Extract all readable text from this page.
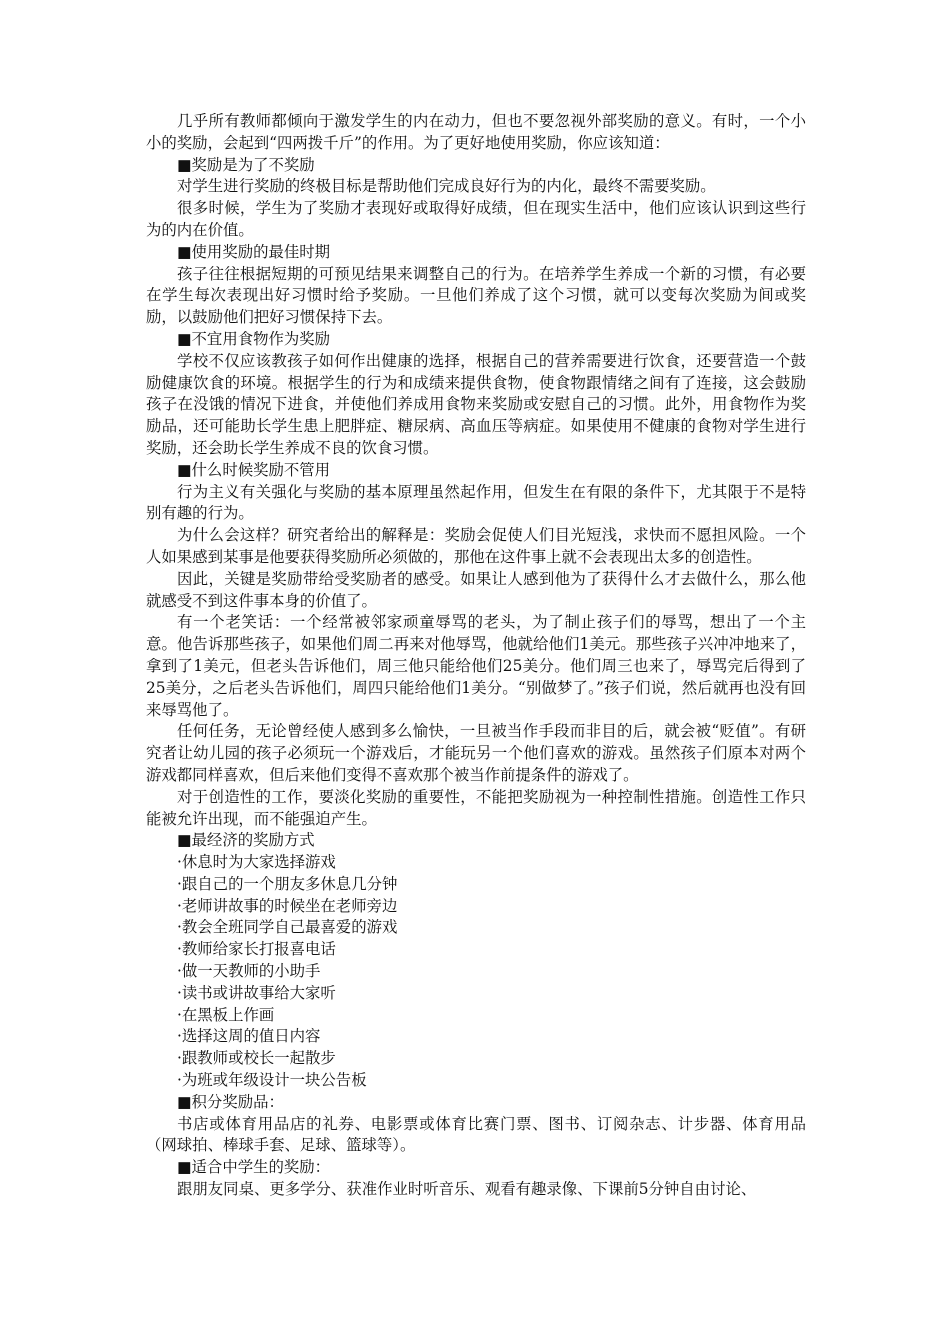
几乎所有教师都倾向于激发学生的内在动力，但也不要忽视外部奖励的意义。有时，一个小小的奖励，会起到“四两拨千斤”的作用。为了更好地使用奖励，你应该知道：

■奖励是为了不奖励

对学生进行奖励的终极目标是帮助他们完成良好行为的内化，最终不需要奖励。

很多时候，学生为了奖励才表现好或取得好成绩，但在现实生活中，他们应该认识到这些行为的内在价值。

■使用奖励的最佳时期

孩子往往根据短期的可预见结果来调整自己的行为。在培养学生养成一个新的习惯，有必要在学生每次表现出好习惯时给予奖励。一旦他们养成了这个习惯，就可以变每次奖励为间或奖励，以鼓励他们把好习惯保持下去。

■不宜用食物作为奖励

学校不仅应该教孩子如何作出健康的选择，根据自己的营养需要进行饮食，还要营造一个鼓励健康饮食的环境。根据学生的行为和成绩来提供食物，使食物跟情绪之间有了连接，这会鼓励孩子在没饿的情况下进食，并使他们养成用食物来奖励或安慰自己的习惯。此外，用食物作为奖励品，还可能助长学生患上肥胖症、糖尿病、高血压等病症。如果使用不健康的食物对学生进行奖励，还会助长学生养成不良的饮食习惯。

■什么时候奖励不管用

行为主义有关强化与奖励的基本原理虽然起作用，但发生在有限的条件下，尤其限于不是特别有趣的行为。

为什么会这样？研究者给出的解释是：奖励会促使人们目光短浅，求快而不愿担风险。一个人如果感到某事是他要获得奖励所必须做的，那他在这件事上就不会表现出太多的创造性。

因此，关键是奖励带给受奖励者的感受。如果让人感到他为了获得什么才去做什么，那么他就感受不到这件事本身的价值了。

有一个老笑话：一个经常被邻家顽童辱骂的老头，为了制止孩子们的辱骂，想出了一个主意。他告诉那些孩子，如果他们周二再来对他辱骂，他就给他们1美元。那些孩子兴冲冲地来了，拿到了1美元，但老头告诉他们，周三他只能给他们25美分。他们周三也来了，辱骂完后得到了25美分，之后老头告诉他们，周四只能给他们1美分。“别做梦了。”孩子们说，然后就再也没有回来辱骂他了。

任何任务，无论曾经使人感到多么愉快，一旦被当作手段而非目的后，就会被“贬值”。有研究者让幼儿园的孩子必须玩一个游戏后，才能玩另一个他们喜欢的游戏。虽然孩子们原本对两个游戏都同样喜欢，但后来他们变得不喜欢那个被当作前提条件的游戏了。

对于创造性的工作，要淡化奖励的重要性，不能把奖励视为一种控制性措施。创造性工作只能被允许出现，而不能强迫产生。

■最经济的奖励方式

·休息时为大家选择游戏

·跟自己的一个朋友多休息几分钟

·老师讲故事的时候坐在老师旁边

·教会全班同学自己最喜爱的游戏

·教师给家长打报喜电话

·做一天教师的小助手

·读书或讲故事给大家听

·在黑板上作画

·选择这周的值日内容

·跟教师或校长一起散步

·为班或年级设计一块公告板

■积分奖励品：

书店或体育用品店的礼券、电影票或体育比赛门票、图书、订阅杂志、计步器、体育用品（网球拍、棒球手套、足球、篮球等）。

■适合中学生的奖励：

跟朋友同桌、更多学分、获准作业时听音乐、观看有趣录像、下课前5分钟自由讨论、
